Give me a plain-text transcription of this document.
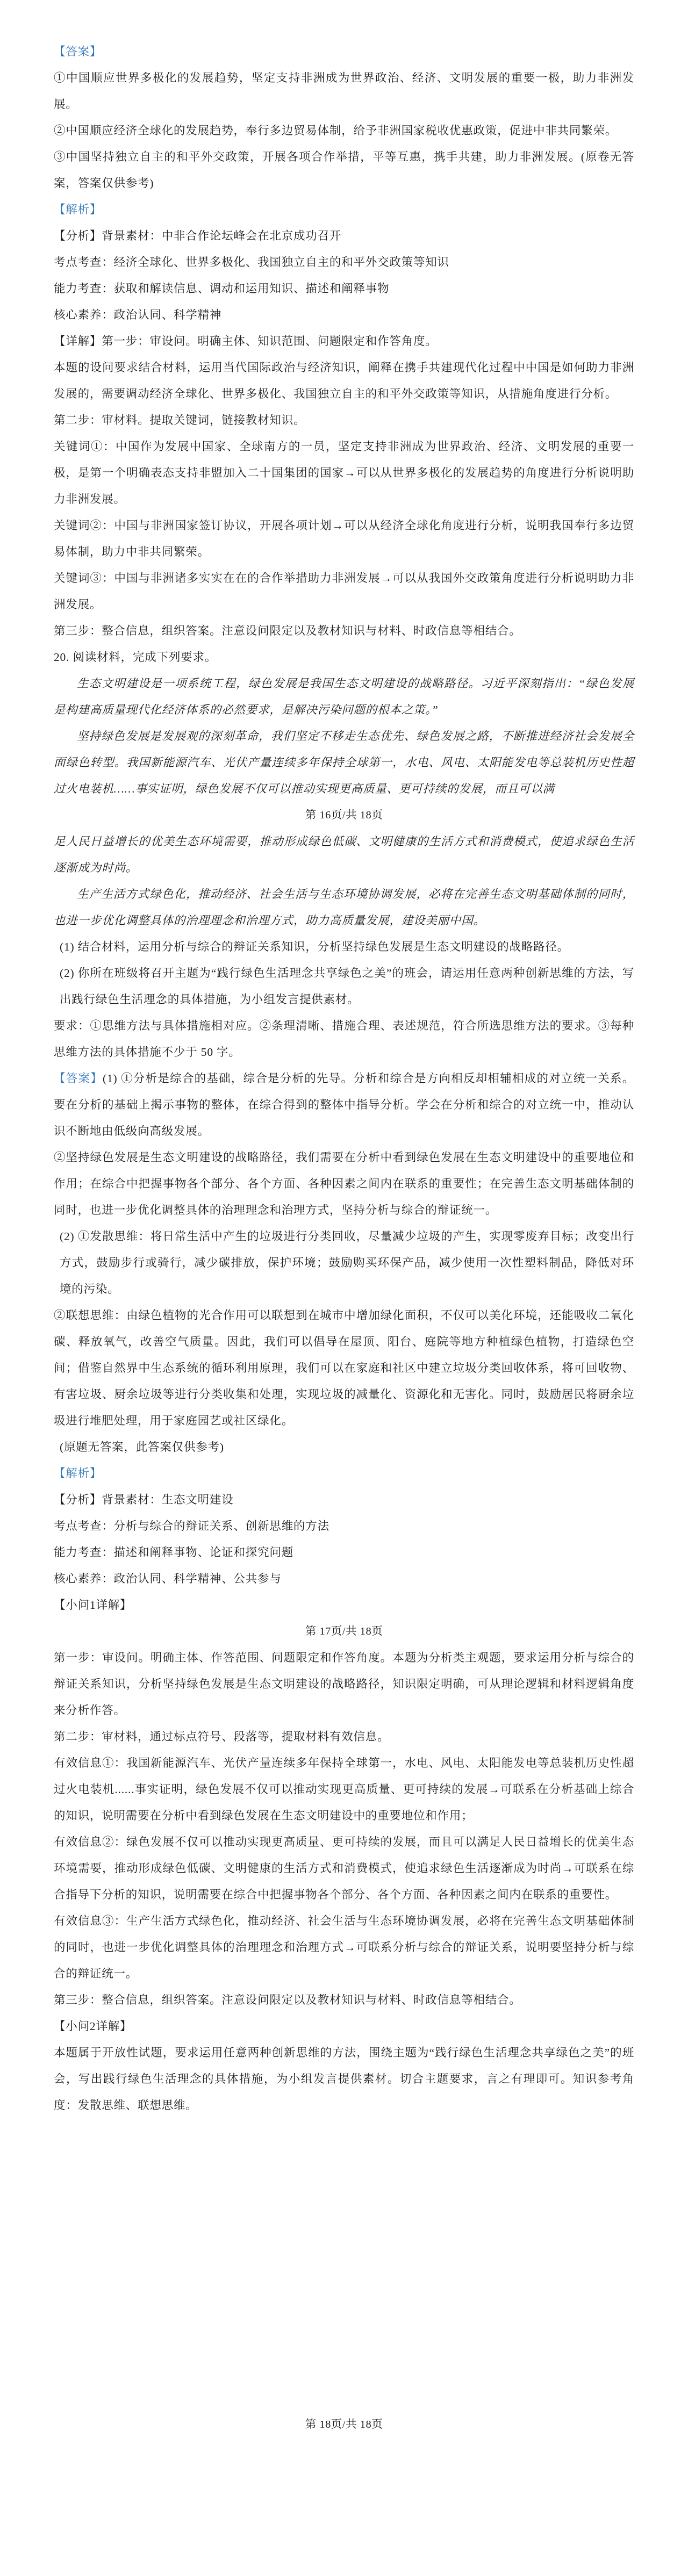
【答案】

①中国顺应世界多极化的发展趋势，坚定支持非洲成为世界政治、经济、文明发展的重要一极，助力非洲发展。

②中国顺应经济全球化的发展趋势，奉行多边贸易体制，给予非洲国家税收优惠政策，促进中非共同繁荣。

③中国坚持独立自主的和平外交政策，开展各项合作举措，平等互惠，携手共建，助力非洲发展。(原卷无答案，答案仅供参考)

【解析】

【分析】背景素材：中非合作论坛峰会在北京成功召开

考点考查：经济全球化、世界多极化、我国独立自主的和平外交政策等知识

能力考查：获取和解读信息、调动和运用知识、描述和阐释事物

核心素养：政治认同、科学精神

【详解】第一步：审设问。明确主体、知识范围、问题限定和作答角度。

本题的设问要求结合材料，运用当代国际政治与经济知识，阐释在携手共建现代化过程中中国是如何助力非洲发展的，需要调动经济全球化、世界多极化、我国独立自主的和平外交政策等知识，从措施角度进行分析。

第二步：审材料。提取关键词，链接教材知识。

关键词①：中国作为发展中国家、全球南方的一员，坚定支持非洲成为世界政治、经济、文明发展的重要一极，是第一个明确表态支持非盟加入二十国集团的国家→可以从世界多极化的发展趋势的角度进行分析说明助力非洲发展。

关键词②：中国与非洲国家签订协议，开展各项计划→可以从经济全球化角度进行分析，说明我国奉行多边贸易体制，助力中非共同繁荣。

关键词③：中国与非洲诸多实实在在的合作举措助力非洲发展→可以从我国外交政策角度进行分析说明助力非洲发展。

第三步：整合信息，组织答案。注意设问限定以及教材知识与材料、时政信息等相结合。

20. 阅读材料，完成下列要求。

生态文明建设是一项系统工程，绿色发展是我国生态文明建设的战略路径。习近平深刻指出：“绿色发展是构建高质量现代化经济体系的必然要求，是解决污染问题的根本之策。”

坚持绿色发展是发展观的深刻革命，我们坚定不移走生态优先、绿色发展之路，不断推进经济社会发展全面绿色转型。我国新能源汽车、光伏产量连续多年保持全球第一，水电、风电、太阳能发电等总装机历史性超过火电装机……事实证明，绿色发展不仅可以推动实现更高质量、更可持续的发展，而且可以满

第 16页/共 18页

足人民日益增长的优美生态环境需要，推动形成绿色低碳、文明健康的生活方式和消费模式，使追求绿色生活逐渐成为时尚。

生产生活方式绿色化，推动经济、社会生活与生态环境协调发展，必将在完善生态文明基础体制的同时，也进一步优化调整具体的治理理念和治理方式，助力高质量发展，建设美丽中国。

(1) 结合材料，运用分析与综合的辩证关系知识，分析坚持绿色发展是生态文明建设的战略路径。

(2) 你所在班级将召开主题为“践行绿色生活理念共享绿色之美”的班会，请运用任意两种创新思维的方法，写出践行绿色生活理念的具体措施，为小组发言提供素材。

要求：①思维方法与具体措施相对应。②条理清晰、措施合理、表述规范，符合所选思维方法的要求。③每种思维方法的具体措施不少于 50 字。

【答案】(1) ①分析是综合的基础，综合是分析的先导。分析和综合是方向相反却相辅相成的对立统一关系。要在分析的基础上揭示事物的整体，在综合得到的整体中指导分析。学会在分析和综合的对立统一中，推动认识不断地由低级向高级发展。

②坚持绿色发展是生态文明建设的战略路径，我们需要在分析中看到绿色发展在生态文明建设中的重要地位和作用；在综合中把握事物各个部分、各个方面、各种因素之间内在联系的重要性；在完善生态文明基础体制的同时，也进一步优化调整具体的治理理念和治理方式，坚持分析与综合的辩证统一。

(2) ①发散思维：将日常生活中产生的垃圾进行分类回收，尽量减少垃圾的产生，实现零废弃目标；改变出行方式，鼓励步行或骑行，减少碳排放，保护环境；鼓励购买环保产品，减少使用一次性塑料制品，降低对环境的污染。

②联想思维：由绿色植物的光合作用可以联想到在城市中增加绿化面积，不仅可以美化环境，还能吸收二氧化碳、释放氧气，改善空气质量。因此，我们可以倡导在屋顶、阳台、庭院等地方种植绿色植物，打造绿色空间；借鉴自然界中生态系统的循环利用原理，我们可以在家庭和社区中建立垃圾分类回收体系，将可回收物、有害垃圾、厨余垃圾等进行分类收集和处理，实现垃圾的减量化、资源化和无害化。同时，鼓励居民将厨余垃圾进行堆肥处理，用于家庭园艺或社区绿化。

(原题无答案，此答案仅供参考)

【解析】

【分析】背景素材：生态文明建设

考点考查：分析与综合的辩证关系、创新思维的方法

能力考查：描述和阐释事物、论证和探究问题

核心素养：政治认同、科学精神、公共参与

【小问1详解】

第 17页/共 18页

第一步：审设问。明确主体、作答范围、问题限定和作答角度。本题为分析类主观题，要求运用分析与综合的辩证关系知识，分析坚持绿色发展是生态文明建设的战略路径，知识限定明确，可从理论逻辑和材料逻辑角度来分析作答。

第二步：审材料，通过标点符号、段落等，提取材料有效信息。

有效信息①：我国新能源汽车、光伏产量连续多年保持全球第一，水电、风电、太阳能发电等总装机历史性超过火电装机......事实证明，绿色发展不仅可以推动实现更高质量、更可持续的发展→可联系在分析基础上综合的知识，说明需要在分析中看到绿色发展在生态文明建设中的重要地位和作用；

有效信息②：绿色发展不仅可以推动实现更高质量、更可持续的发展，而且可以满足人民日益增长的优美生态环境需要，推动形成绿色低碳、文明健康的生活方式和消费模式，使追求绿色生活逐渐成为时尚→可联系在综合指导下分析的知识，说明需要在综合中把握事物各个部分、各个方面、各种因素之间内在联系的重要性。

有效信息③：生产生活方式绿色化，推动经济、社会生活与生态环境协调发展，必将在完善生态文明基础体制的同时，也进一步优化调整具体的治理理念和治理方式→可联系分析与综合的辩证关系，说明要坚持分析与综合的辩证统一。

第三步：整合信息，组织答案。注意设问限定以及教材知识与材料、时政信息等相结合。

【小问2详解】

本题属于开放性试题，要求运用任意两种创新思维的方法，围绕主题为“践行绿色生活理念共享绿色之美”的班会，写出践行绿色生活理念的具体措施，为小组发言提供素材。切合主题要求，言之有理即可。知识参考角度：发散思维、联想思维。

第 18页/共 18页
